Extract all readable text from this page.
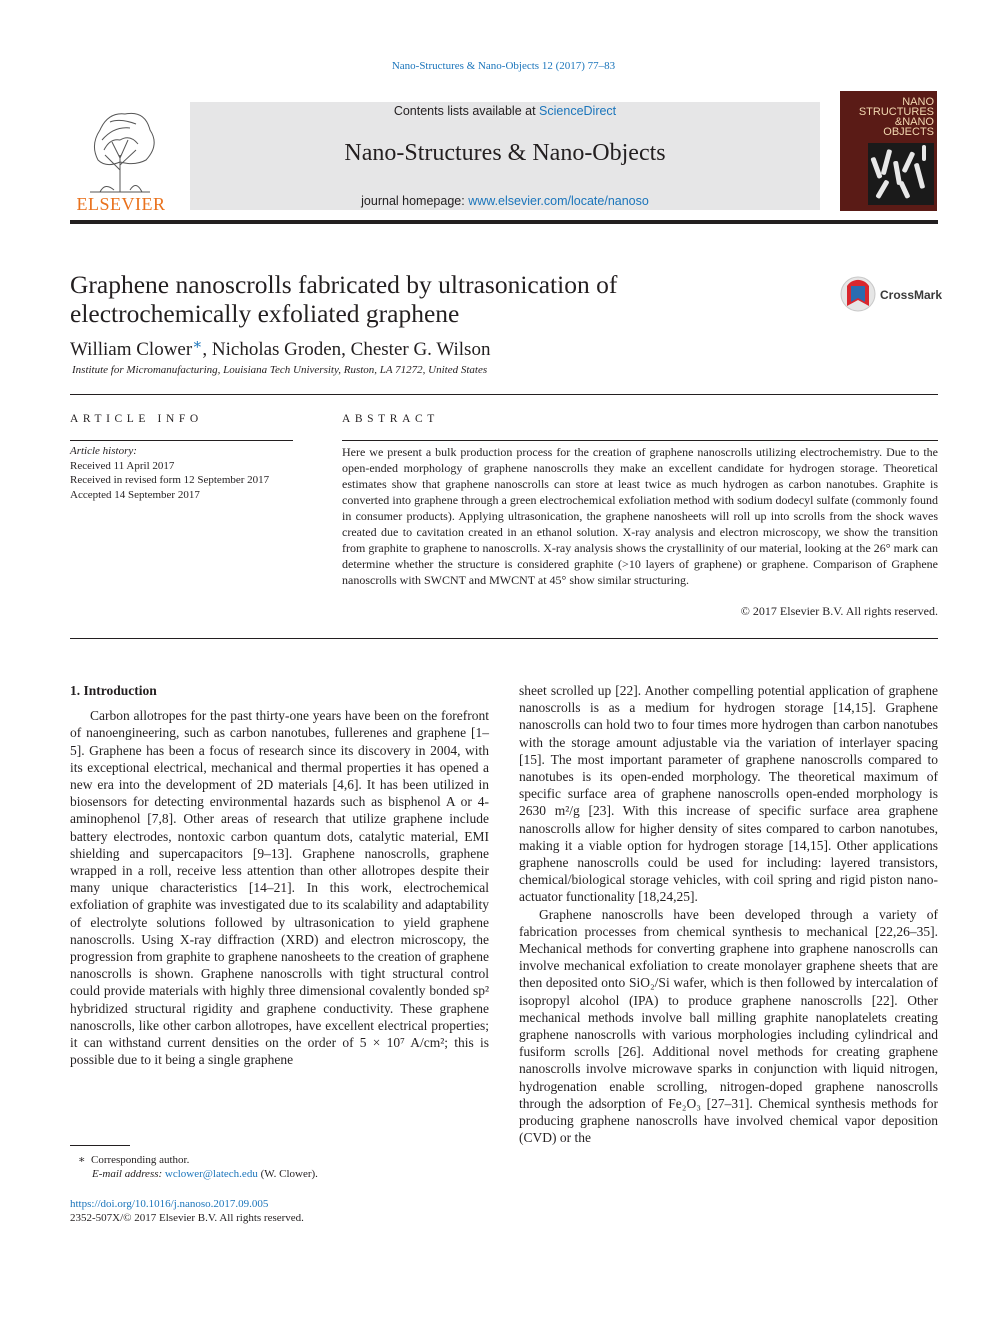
Nano-Structures & Nano-Objects 12 (2017) 77–83
ELSEVIER
Contents lists available at ScienceDirect
Nano-Structures & Nano-Objects
journal homepage: www.elsevier.com/locate/nanoso
NANO
STRUCTURES
&NANO
OBJECTS
Graphene nanoscrolls fabricated by ultrasonication of electrochemically exfoliated graphene
CrossMark
William Clower∗, Nicholas Groden, Chester G. Wilson
Institute for Micromanufacturing, Louisiana Tech University, Ruston, LA 71272, United States
ARTICLE INFO	ABSTRACT
Article history:
Received 11 April 2017
Received in revised form 12 September 2017
Accepted 14 September 2017
Here we present a bulk production process for the creation of graphene nanoscrolls utilizing electrochemistry. Due to the open-ended morphology of graphene nanoscrolls they make an excellent candidate for hydrogen storage. Theoretical estimates show that graphene nanoscrolls can store at least twice as much hydrogen as carbon nanotubes. Graphite is converted into graphene through a green electrochemical exfoliation method with sodium dodecyl sulfate (commonly found in consumer products). Applying ultrasonication, the graphene nanosheets will roll up into scrolls from the shock waves created due to cavitation created in an ethanol solution. X-ray analysis and electron microscopy, we show the transition from graphite to graphene to nanoscrolls. X-ray analysis shows the crystallinity of our material, looking at the 26° mark can determine whether the structure is considered graphite (>10 layers of graphene) or graphene. Comparison of Graphene nanoscrolls with SWCNT and MWCNT at 45° show similar structuring.
© 2017 Elsevier B.V. All rights reserved.
1. Introduction

Carbon allotropes for the past thirty-one years have been on the forefront of nanoengineering, such as carbon nanotubes, fullerenes and graphene [1–5]. Graphene has been a focus of research since its discovery in 2004, with its exceptional electrical, mechanical and thermal properties it has opened a new era into the development of 2D materials [4,6]. It has been utilized in biosensors for detecting environmental hazards such as bisphenol A or 4-aminophenol [7,8]. Other areas of research that utilize graphene include battery electrodes, nontoxic carbon quantum dots, catalytic material, EMI shielding and supercapacitors [9–13]. Graphene nanoscrolls, graphene wrapped in a roll, receive less attention than other allotropes despite their many unique characteristics [14–21]. In this work, electrochemical exfoliation of graphite was investigated due to its scalability and adaptability of electrolyte solutions followed by ultrasonication to yield graphene nanoscrolls. Using X-ray diffraction (XRD) and electron microscopy, the progression from graphite to graphene nanosheets to the creation of graphene nanoscrolls is shown. Graphene nanoscrolls with tight structural control could provide materials with highly three dimensional covalently bonded sp² hybridized structural rigidity and graphene conductivity. These graphene nanoscrolls, like other carbon allotropes, have excellent electrical properties; it can withstand current densities on the order of 5 × 10⁷ A/cm²; this is possible due to it being a single graphene

sheet scrolled up [22]. Another compelling potential application of graphene nanoscrolls is as a medium for hydrogen storage [14,15]. Graphene nanoscrolls can hold two to four times more hydrogen than carbon nanotubes with the storage amount adjustable via the variation of interlayer spacing [15]. The most important parameter of graphene nanoscrolls compared to nanotubes is its open-ended morphology. The theoretical maximum of specific surface area of graphene nanoscrolls open-ended morphology is 2630 m²/g [23]. With this increase of specific surface area graphene nanoscrolls allow for higher density of sites compared to carbon nanotubes, making it a viable option for hydrogen storage [14,15]. Other applications graphene nanoscrolls could be used for including: layered transistors, chemical/biological storage vehicles, with coil spring and rigid piston nano-actuator functionality [18,24,25].

Graphene nanoscrolls have been developed through a variety of fabrication processes from chemical synthesis to mechanical [22,26–35]. Mechanical methods for converting graphene into graphene nanoscrolls can involve mechanical exfoliation to create monolayer graphene sheets that are then deposited onto SiO₂/Si wafer, which is then followed by intercalation of isopropyl alcohol (IPA) to produce graphene nanoscrolls [22]. Other mechanical methods involve ball milling graphite nanoplatelets creating graphene nanoscrolls with various morphologies including cylindrical and fusiform scrolls [26]. Additional novel methods for creating graphene nanoscrolls involve microwave sparks in conjunction with liquid nitrogen, hydrogenation enable scrolling, nitrogen-doped graphene nanoscrolls through the adsorption of Fe₂O₃ [27–31]. Chemical synthesis methods for producing graphene nanoscrolls have involved chemical vapor deposition (CVD) or the

∗ Corresponding author.
E-mail address: wclower@latech.edu (W. Clower).
https://doi.org/10.1016/j.nanoso.2017.09.005
2352-507X/© 2017 Elsevier B.V. All rights reserved.
